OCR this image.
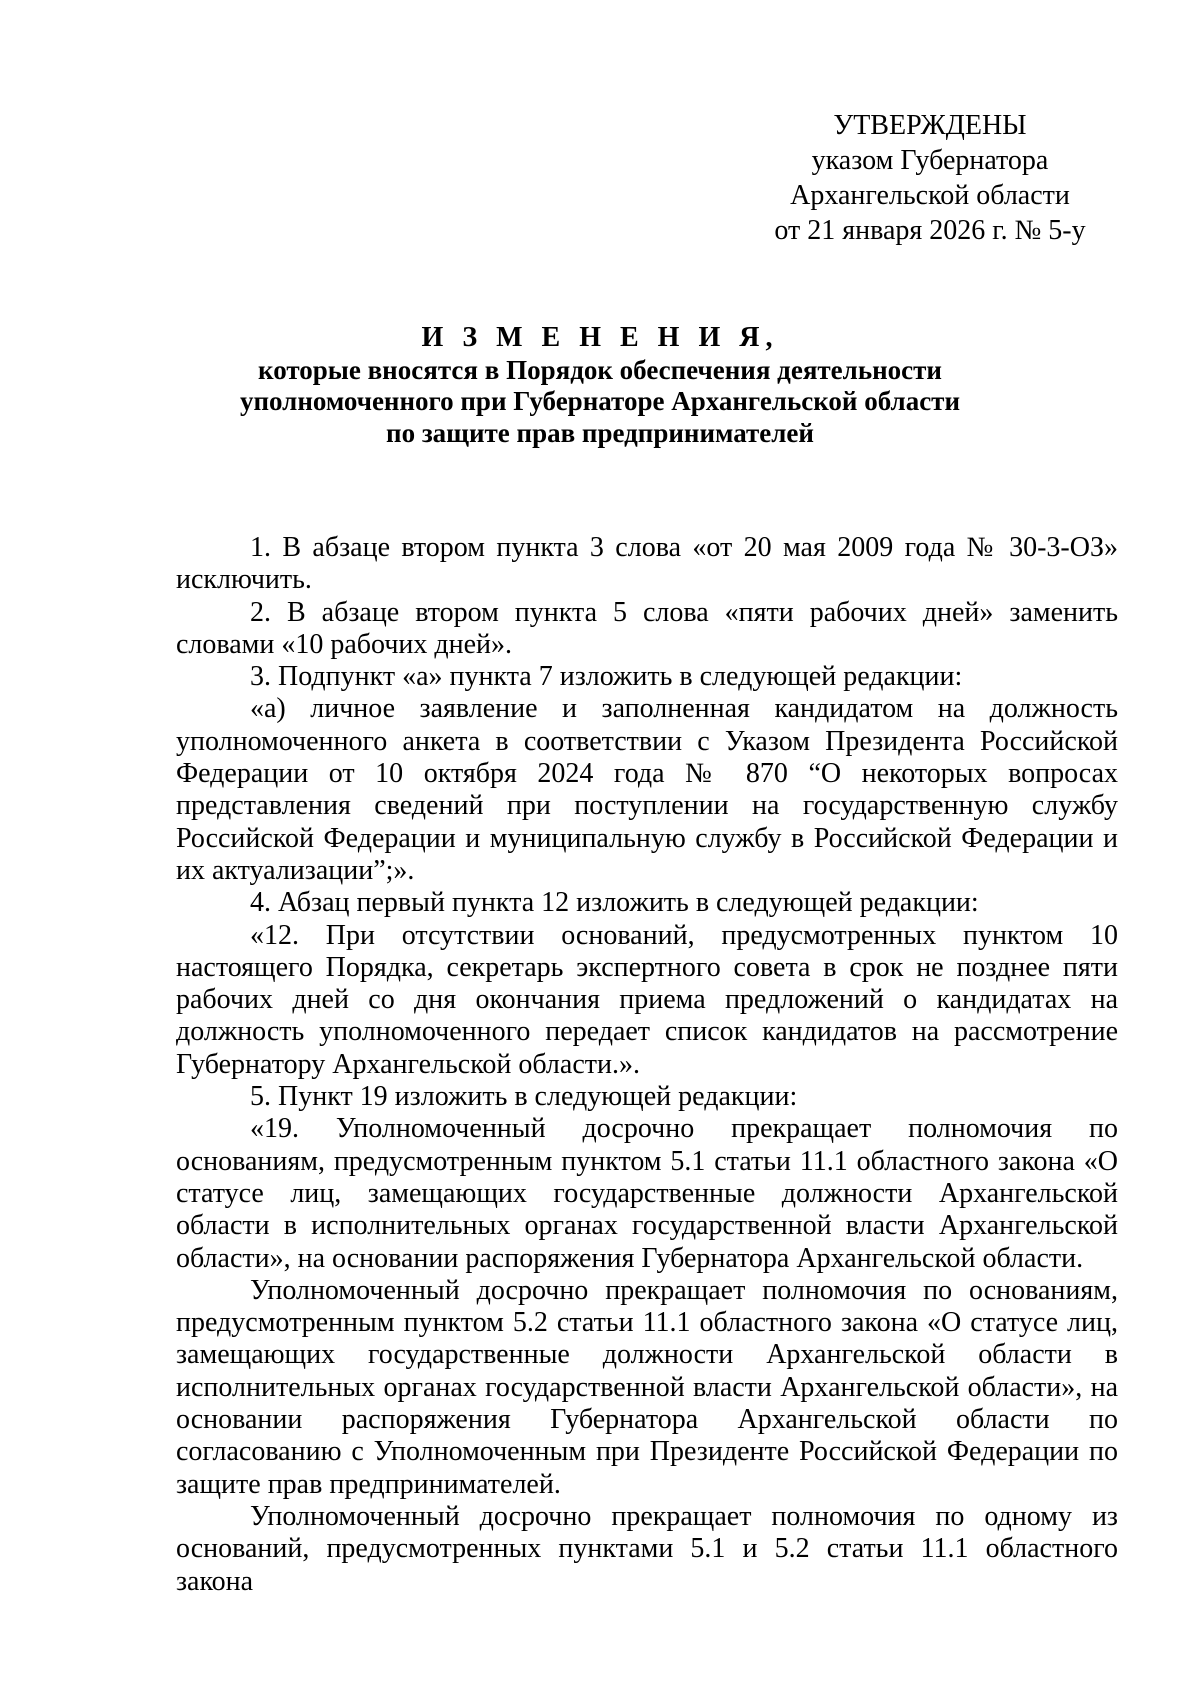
УТВЕРЖДЕНЫ
указом Губернатора
Архангельской области
от 21 января 2026 г. № 5-у
И З М Е Н Е Н И Я,
которые вносятся в Порядок обеспечения деятельности
уполномоченного при Губернаторе Архангельской области
по защите прав предпринимателей

1. В абзаце втором пункта 3 слова «от 20 мая 2009 года № 30-3-ОЗ» исключить.

2. В абзаце втором пункта 5 слова «пяти рабочих дней» заменить словами «10 рабочих дней».

3. Подпункт «а» пункта 7 изложить в следующей редакции:

«а) личное заявление и заполненная кандидатом на должность уполномоченного анкета в соответствии с Указом Президента Российской Федерации от 10 октября 2024 года № 870 “О некоторых вопросах представления сведений при поступлении на государственную службу Российской Федерации и муниципальную службу в Российской Федерации и их актуализации”;».

4. Абзац первый пункта 12 изложить в следующей редакции:

«12. При отсутствии оснований, предусмотренных пунктом 10 настоящего Порядка, секретарь экспертного совета в срок не позднее пяти рабочих дней со дня окончания приема предложений о кандидатах на должность уполномоченного передает список кандидатов на рассмотрение Губернатору Архангельской области.».

5. Пункт 19 изложить в следующей редакции:

«19. Уполномоченный досрочно прекращает полномочия по основаниям, предусмотренным пунктом 5.1 статьи 11.1 областного закона «О статусе лиц, замещающих государственные должности Архангельской области в исполнительных органах государственной власти Архангельской области», на основании распоряжения Губернатора Архангельской области.

Уполномоченный досрочно прекращает полномочия по основаниям, предусмотренным пунктом 5.2 статьи 11.1 областного закона «О статусе лиц, замещающих государственные должности Архангельской области в исполнительных органах государственной власти Архангельской области», на основании распоряжения Губернатора Архангельской области по согласованию с Уполномоченным при Президенте Российской Федерации по защите прав предпринимателей.

Уполномоченный досрочно прекращает полномочия по одному из оснований, предусмотренных пунктами 5.1 и 5.2 статьи 11.1 областного закона
